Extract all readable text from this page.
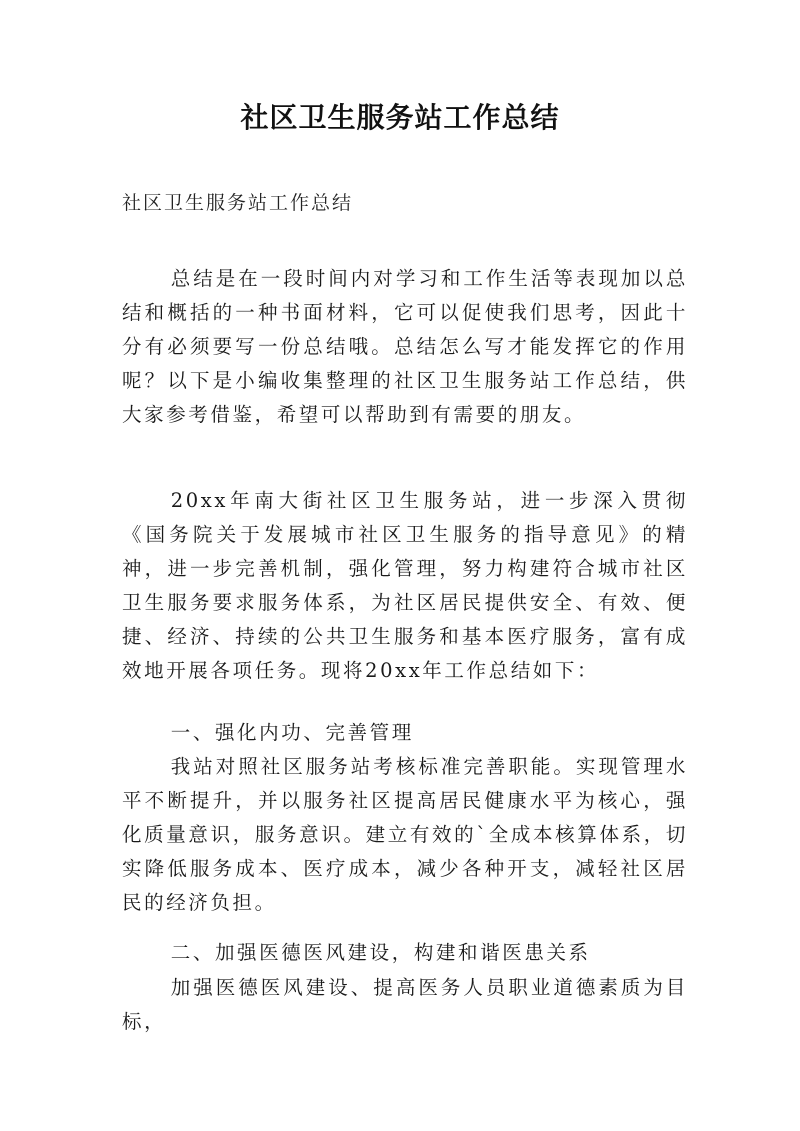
社区卫生服务站工作总结
社区卫生服务站工作总结

总结是在一段时间内对学习和工作生活等表现加以总结和概括的一种书面材料，它可以促使我们思考，因此十分有必须要写一份总结哦。总结怎么写才能发挥它的作用呢？以下是小编收集整理的社区卫生服务站工作总结，供大家参考借鉴，希望可以帮助到有需要的朋友。

20xx年南大街社区卫生服务站，进一步深入贯彻《国务院关于发展城市社区卫生服务的指导意见》的精神，进一步完善机制，强化管理，努力构建符合城市社区卫生服务要求服务体系，为社区居民提供安全、有效、便捷、经济、持续的公共卫生服务和基本医疗服务，富有成效地开展各项任务。现将20xx年工作总结如下：

一、强化内功、完善管理

我站对照社区服务站考核标准完善职能。实现管理水平不断提升，并以服务社区提高居民健康水平为核心，强化质量意识，服务意识。建立有效的`全成本核算体系，切实降低服务成本、医疗成本，减少各种开支，减轻社区居民的经济负担。

二、加强医德医风建设，构建和谐医患关系

加强医德医风建设、提高医务人员职业道德素质为目标，
